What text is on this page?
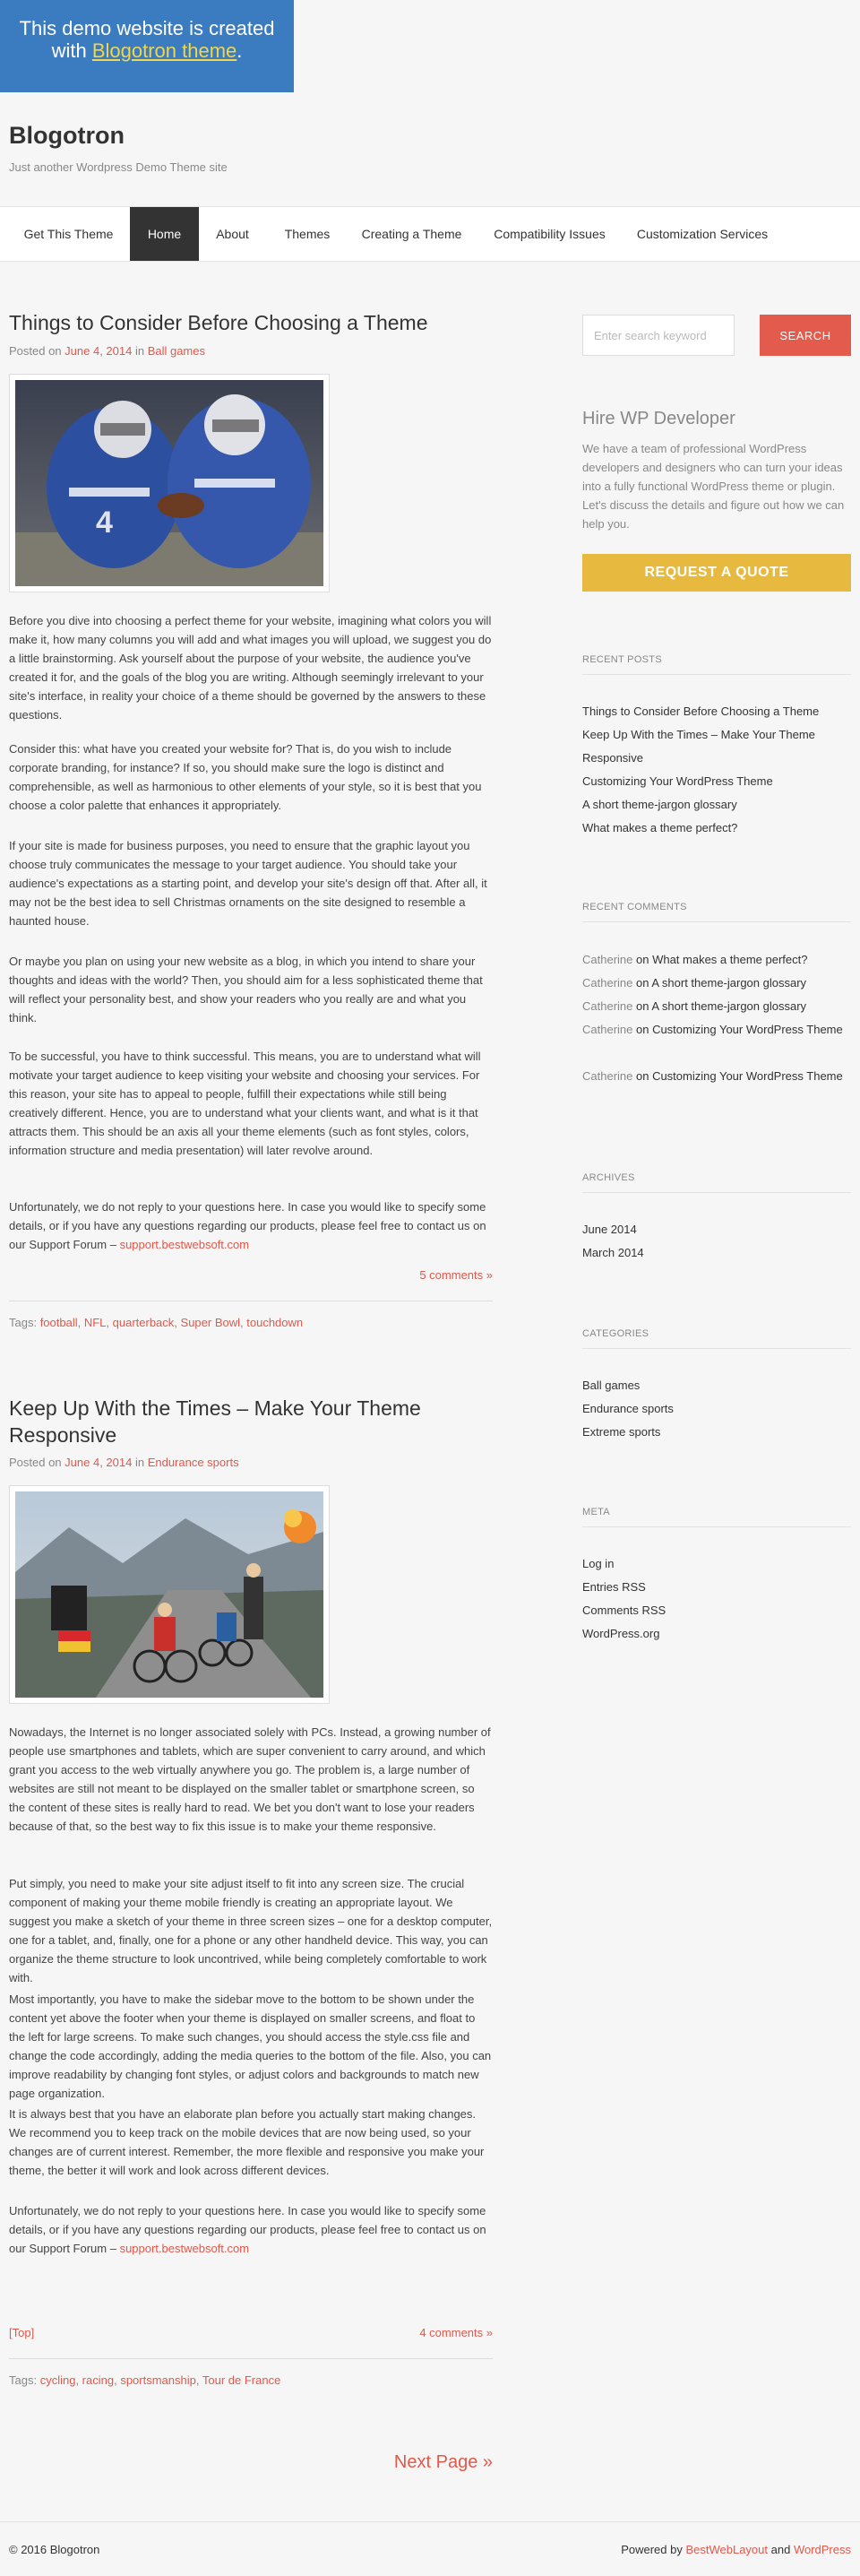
This demo website is created with Blogotron theme.
Blogotron
Just another Wordpress Demo Theme site
Get This Theme	Home	About	Themes	Creating a Theme	Compatibility Issues	Customization Services
Things to Consider Before Choosing a Theme
Posted on June 4, 2014 in Ball games
4
Before you dive into choosing a perfect theme for your website, imagining what colors you will make it, how many columns you will add and what images you will upload, we suggest you do a little brainstorming. Ask yourself about the purpose of your website, the audience you've created it for, and the goals of the blog you are writing. Although seemingly irrelevant to your site's interface, in reality your choice of a theme should be governed by the answers to these questions.
Consider this: what have you created your website for? That is, do you wish to include corporate branding, for instance? If so, you should make sure the logo is distinct and comprehensible, as well as harmonious to other elements of your style, so it is best that you choose a color palette that enhances it appropriately.
If your site is made for business purposes, you need to ensure that the graphic layout you choose truly communicates the message to your target audience. You should take your audience's expectations as a starting point, and develop your site's design off that. After all, it may not be the best idea to sell Christmas ornaments on the site designed to resemble a haunted house.
Or maybe you plan on using your new website as a blog, in which you intend to share your thoughts and ideas with the world? Then, you should aim for a less sophisticated theme that will reflect your personality best, and show your readers who you really are and what you think.
To be successful, you have to think successful. This means, you are to understand what will motivate your target audience to keep visiting your website and choosing your services. For this reason, your site has to appeal to people, fulfill their expectations while still being creatively different. Hence, you are to understand what your clients want, and what is it that attracts them. This should be an axis all your theme elements (such as font styles, colors, information structure and media presentation) will later revolve around.
Unfortunately, we do not reply to your questions here. In case you would like to specify some details, or if you have any questions regarding our products, please feel free to contact us on our Support Forum – support.bestwebsoft.com
5 comments »
Tags: football, NFL, quarterback, Super Bowl, touchdown
Keep Up With the Times – Make Your Theme Responsive
Posted on June 4, 2014 in Endurance sports
Nowadays, the Internet is no longer associated solely with PCs. Instead, a growing number of people use smartphones and tablets, which are super convenient to carry around, and which grant you access to the web virtually anywhere you go. The problem is, a large number of websites are still not meant to be displayed on the smaller tablet or smartphone screen, so the content of these sites is really hard to read. We bet you don't want to lose your readers because of that, so the best way to fix this issue is to make your theme responsive.
Put simply, you need to make your site adjust itself to fit into any screen size. The crucial component of making your theme mobile friendly is creating an appropriate layout. We suggest you make a sketch of your theme in three screen sizes – one for a desktop computer, one for a tablet, and, finally, one for a phone or any other handheld device. This way, you can organize the theme structure to look uncontrived, while being completely comfortable to work with.
Most importantly, you have to make the sidebar move to the bottom to be shown under the content yet above the footer when your theme is displayed on smaller screens, and float to the left for large screens. To make such changes, you should access the style.css file and change the code accordingly, adding the media queries to the bottom of the file. Also, you can improve readability by changing font styles, or adjust colors and backgrounds to match new page organization.
It is always best that you have an elaborate plan before you actually start making changes. We recommend you to keep track on the mobile devices that are now being used, so your changes are of current interest. Remember, the more flexible and responsive you make your theme, the better it will work and look across different devices.
Unfortunately, we do not reply to your questions here. In case you would like to specify some details, or if you have any questions regarding our products, please feel free to contact us on our Support Forum – support.bestwebsoft.com
[Top]	4 comments »
Tags: cycling, racing, sportsmanship, Tour de France
Next Page »
Enter search keyword
SEARCH
Hire WP Developer
We have a team of professional WordPress developers and designers who can turn your ideas into a fully functional WordPress theme or plugin. Let's discuss the details and figure out how we can help you.
REQUEST A QUOTE
RECENT POSTS
Things to Consider Before Choosing a Theme
Keep Up With the Times – Make Your Theme Responsive
Customizing Your WordPress Theme
A short theme-jargon glossary
What makes a theme perfect?
RECENT COMMENTS
Catherine on What makes a theme perfect?
Catherine on A short theme-jargon glossary
Catherine on A short theme-jargon glossary
Catherine on Customizing Your WordPress Theme
Catherine on Customizing Your WordPress Theme
ARCHIVES
June 2014
March 2014
CATEGORIES
Ball games
Endurance sports
Extreme sports
META
Log in
Entries RSS
Comments RSS
WordPress.org
© 2016 Blogotron	Powered by BestWebLayout and WordPress
